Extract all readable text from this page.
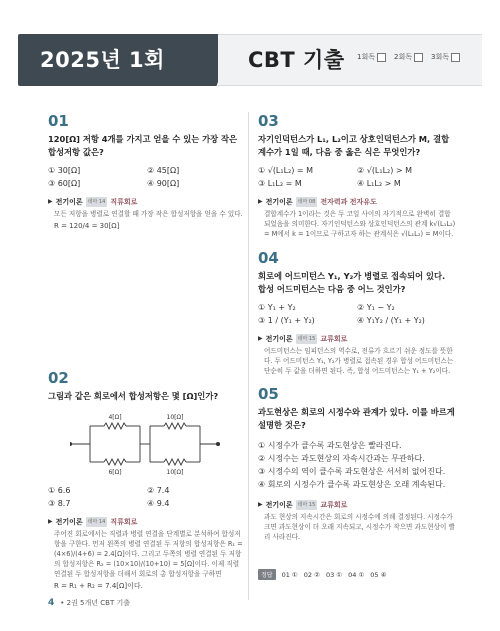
2025년 1회	CBT 기출 1회독	2회독	3회독
01
120[Ω] 저항 4개를 가지고 얻을 수 있는 가장 작은 합성저항 값은?
① 30[Ω]	② 45[Ω]
③ 60[Ω]	④ 90[Ω]
▶ 전기이론	테마 14 직류회로
모든 저항을 병렬로 연결할 때 가장 작은 합성저항을 얻을 수 있다.
R = 120/4 = 30[Ω]
02
그림과 같은 회로에서 합성저항은 몇 [Ω]인가?
4[Ω]	10[Ω]
6[Ω]	10[Ω]
① 6.6	② 7.4
③ 8.7	④ 9.4
▶ 전기이론	테마 14 직류회로
주어진 회로에서는 직렬과 병렬 연결을 단계별로 분석하여 합성저항을 구한다. 먼저 왼쪽의 병렬 연결된 두 저항의 합성저항은 R₁ = (4×6)/(4+6) = 2.4[Ω]이다. 그리고 두쪽의 병렬 연결된 두 저항의 합성저항은 R₂ = (10×10)/(10+10) = 5[Ω]이다. 이제 직렬 연결된 두 합성저항을 더해서 회로의 총 합성저항을 구하면
R = R₁ + R₂ = 7.4[Ω]이다.
03
자기인덕턴스가 L₁, L₂이고 상호인덕턴스가 M, 결합계수가 1일 때, 다음 중 옳은 식은 무엇인가?
① √(L₁L₂) = M	② √(L₁L₂) > M
③ L₁L₂ = M	④ L₁L₂ > M
▶ 전기이론	테마 08 전자력과 전자유도
결합계수가 1이라는 것은 두 코일 사이의 자기적으로 완벽히 결합되었음을 의미한다. 자기인덕턴스와 상호인덕턴스의 관계 k√(L₁L₂) = M에서 k = 1이므로 구하고자 하는 관계식은 √(L₁L₂) = M이다.
04
회로에 어드미턴스 Y₁, Y₂가 병렬로 접속되어 있다. 합성 어드미턴스는 다음 중 어느 것인가?
① Y₁ + Y₂	② Y₁ − Y₂
③ 1 / (Y₁ + Y₂)	④ Y₁Y₂ / (Y₁ + Y₂)
▶ 전기이론	테마 15 교류회로
어드미턴스는 임피던스의 역수로, 전류가 흐르기 쉬운 정도를 뜻한다. 두 어드미턴스 Y₁, Y₂가 병렬로 접속된 경우 합성 어드미턴스는 단순히 두 값을 더하면 된다. 즉, 합성 어드미턴스는 Y₁ + Y₂이다.
05
과도현상은 회로의 시정수와 관계가 있다. 이를 바르게 설명한 것은?
① 시정수가 클수록 과도현상은 빨라진다.
② 시정수는 과도현상의 자속시간과는 무관하다.
③ 시정수의 역이 클수록 과도현상은 서서히 없어진다.
④ 회로의 시정수가 클수록 과도현상은 오래 계속된다.
▶ 전기이론	테마 15 교류회로
과도 현상의 지속시간은 회로의 시정수에 의해 결정된다. 시정수가 크면 과도현상이 더 오래 지속되고, 시정수가 작으면 과도현상이 빨리 사라진다.
정답	01 ① 02 ② 03 ① 04 ① 05 ④
4 • 2권 5개년 CBT 기출
